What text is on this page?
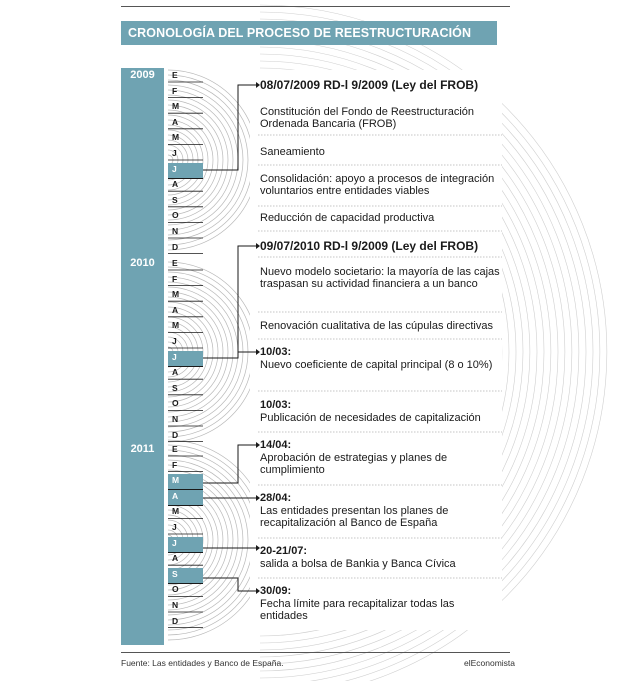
CRONOLOGÍA DEL PROCESO DE REESTRUCTURACIÓN
2009
2010
2011
E
F
M
A
M
J
J
A
S
O
N
D
E
F
M
A
M
J
J
A
S
O
N
D
E
F
M
A
M
J
J
A
S
O
N
D
08/07/2009 RD-l 9/2009 (Ley del FROB)
Constitución del Fondo de Reestructuración Ordenada Bancaria (FROB)
Saneamiento
Consolidación: apoyo a procesos de integración voluntarios entre entidades viables
Reducción de capacidad productiva
09/07/2010 RD-l 9/2009 (Ley del FROB)
Nuevo modelo societario: la mayoría de las cajas traspasan su actividad financiera a un banco
Renovación cualitativa de las cúpulas directivas
10/03:
Nuevo coeficiente de capital principal (8 o 10%)
10/03:
Publicación de necesidades de capitalización
14/04:
Aprobación de estrategias y planes de cumplimiento
28/04:
Las entidades presentan los planes de recapitalización al Banco de España
20-21/07:
salida a bolsa de Bankia y Banca Cívica
30/09:
Fecha límite para recapitalizar todas las entidades
Fuente: Las entidades y Banco de España.	elEconomista
